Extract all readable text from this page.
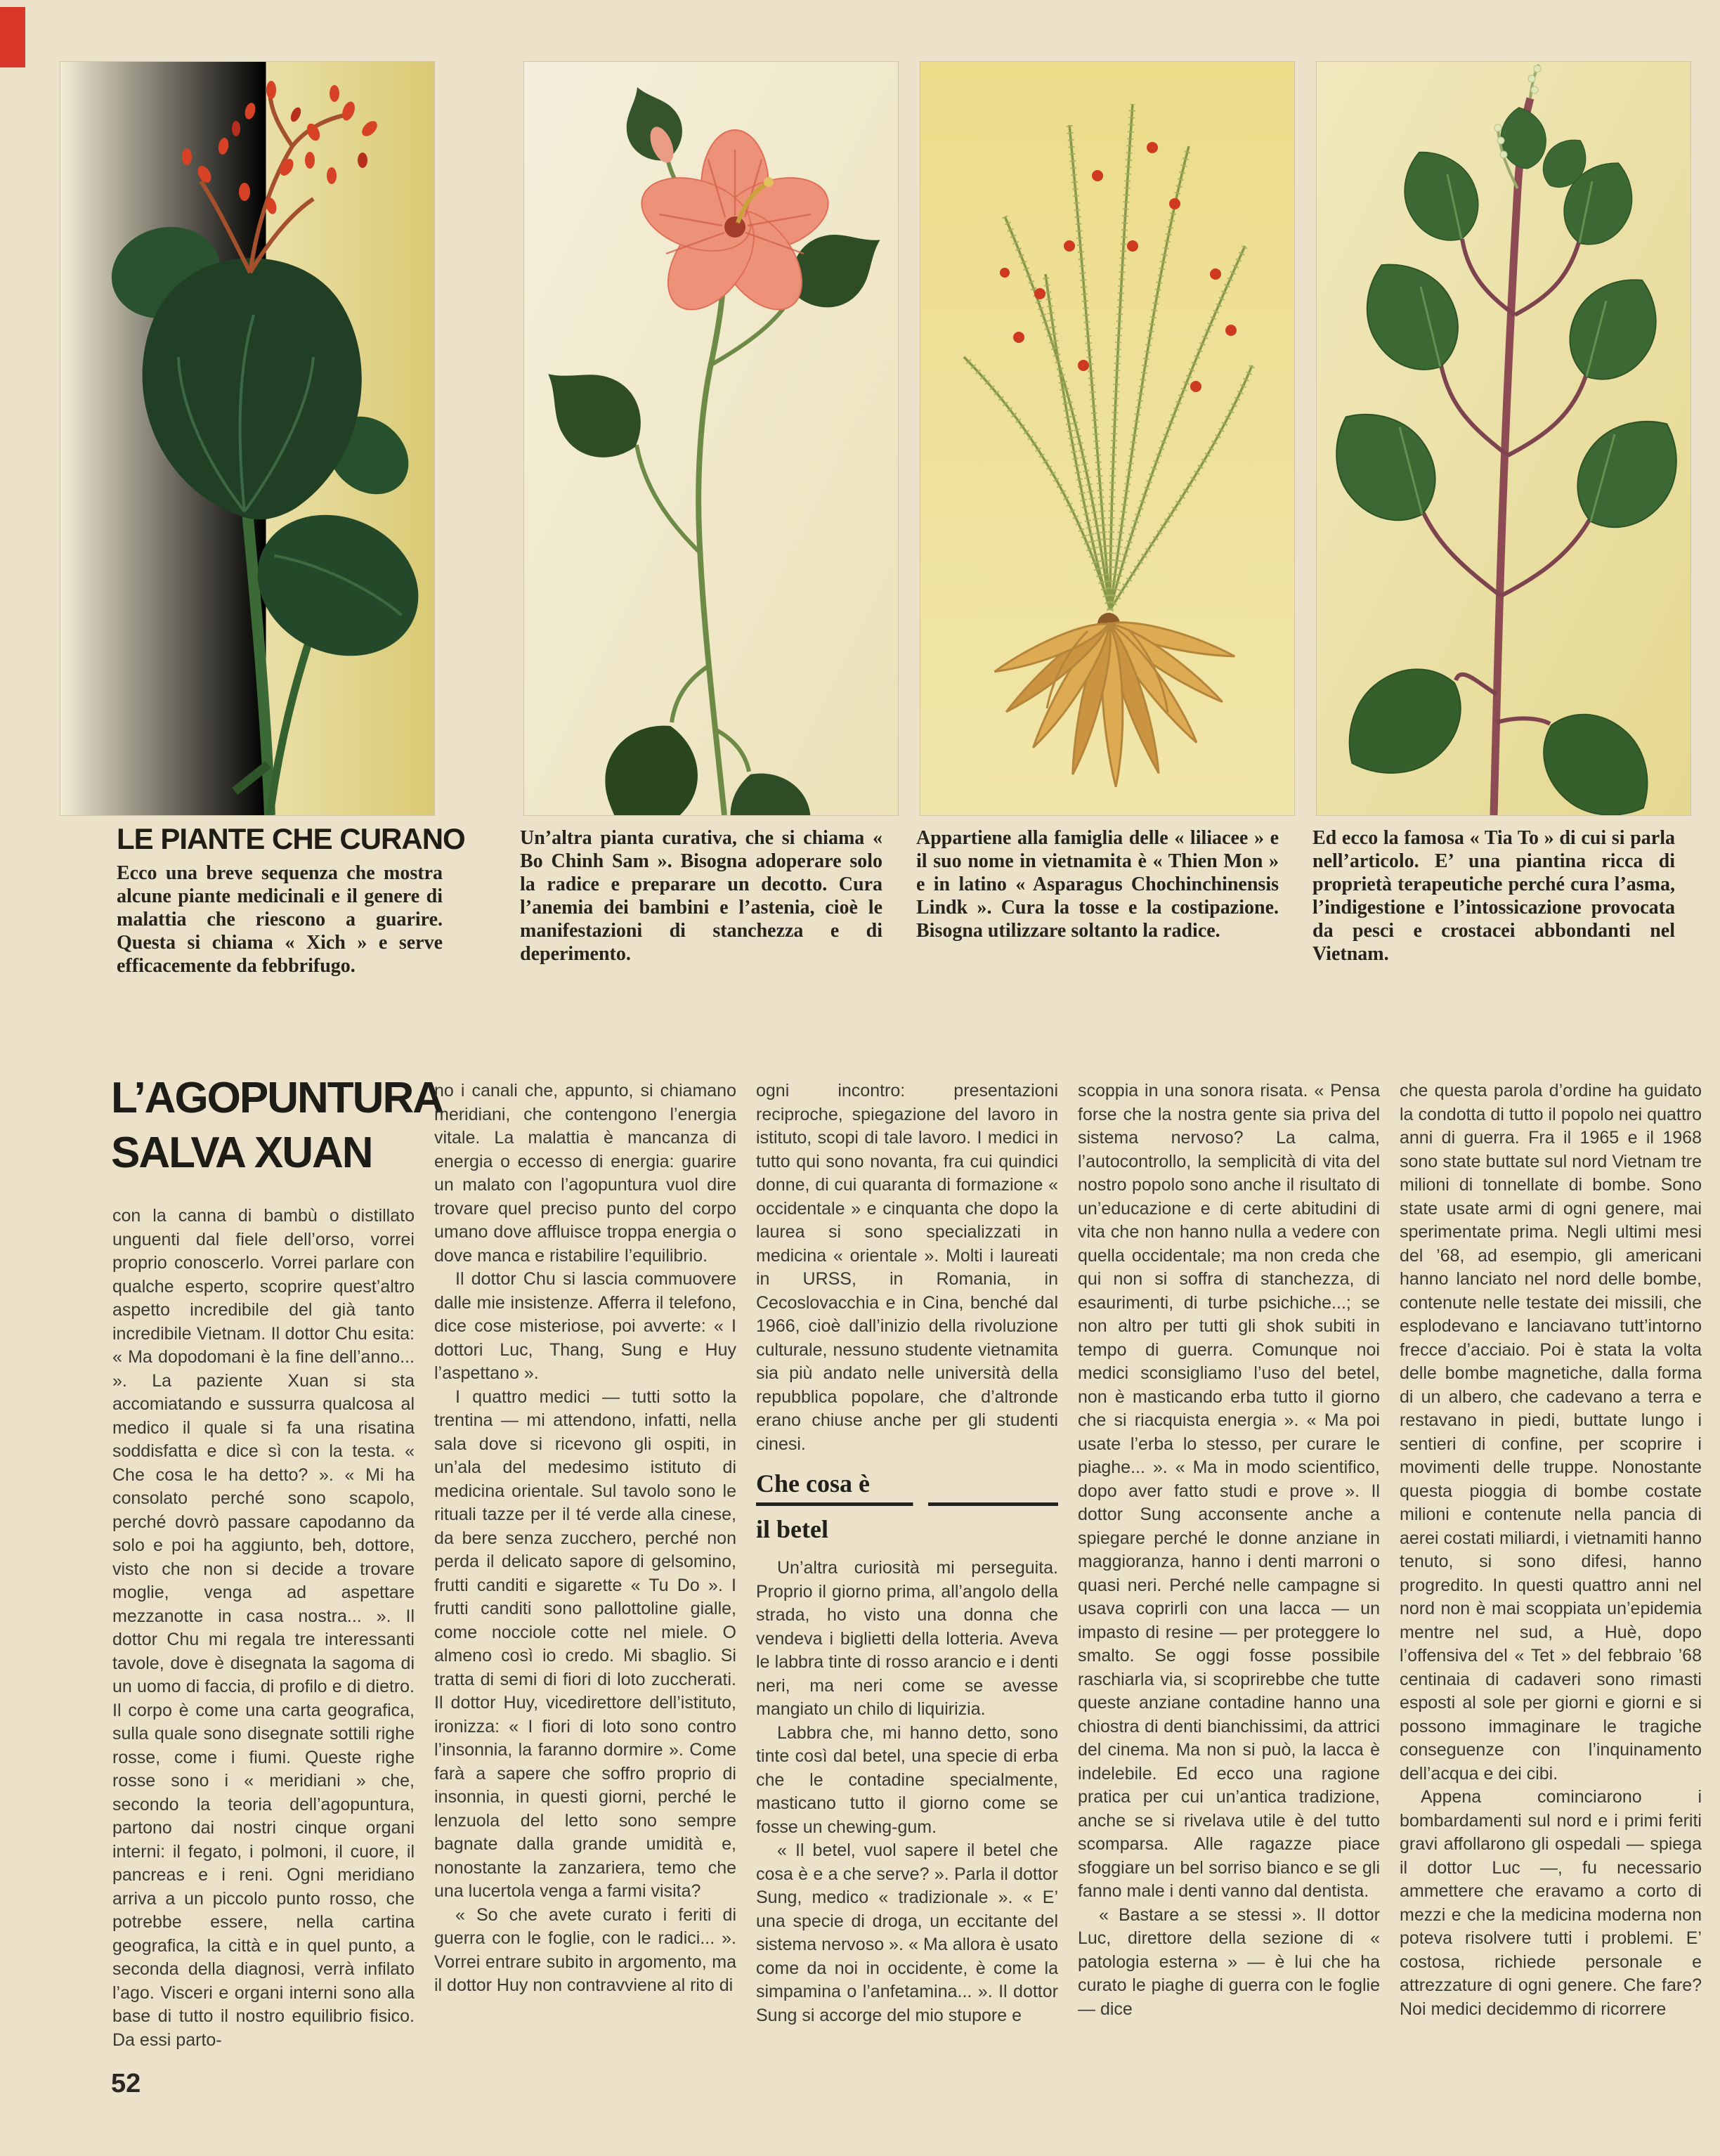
LE PIANTE CHE CURANO
Ecco una breve sequenza che mostra alcune piante medicinali e il genere di malattia che riescono a guarire. Questa si chiama « Xich » e serve efficacemente da febbrifugo.
Un’altra pianta curativa, che si chiama « Bo Chinh Sam ». Bisogna adoperare solo la radice e preparare un decotto. Cura l’anemia dei bambini e l’astenia, cioè le manifestazioni di stanchezza e di deperimento.
Appartiene alla famiglia delle « liliacee » e il suo nome in vietnamita è « Thien Mon » e in latino « Asparagus Chochinchinensis Lindk ». Cura la tosse e la costipazione. Bisogna utilizzare soltanto la radice.
Ed ecco la famosa « Tia To » di cui si parla nell’articolo. E’ una piantina ricca di proprietà terapeutiche perché cura l’asma, l’indigestione e l’intossicazione provocata da pesci e crostacei abbondanti nel Vietnam.
L’AGOPUNTURA
SALVA XUAN

con la canna di bambù o distillato unguenti dal fiele dell’orso, vorrei proprio conoscerlo. Vorrei parlare con qualche esperto, scoprire quest’altro aspetto incredibile del già tanto incredibile Vietnam. Il dottor Chu esita: « Ma dopodomani è la fine dell’anno... ». La paziente Xuan si sta accomiatando e sussurra qualcosa al medico il quale si fa una risatina soddisfatta e dice sì con la testa. « Che cosa le ha detto? ». « Mi ha consolato perché sono scapolo, perché dovrò passare capodanno da solo e poi ha aggiunto, beh, dottore, visto che non si decide a trovare moglie, venga ad aspettare mezzanotte in casa nostra... ». Il dottor Chu mi regala tre interessanti tavole, dove è disegnata la sagoma di un uomo di faccia, di profilo e di dietro. Il corpo è come una carta geografica, sulla quale sono disegnate sottili righe rosse, come i fiumi. Queste righe rosse sono i « meridiani » che, secondo la teoria dell’agopuntura, partono dai nostri cinque organi interni: il fegato, i polmoni, il cuore, il pancreas e i reni. Ogni meridiano arriva a un piccolo punto rosso, che potrebbe essere, nella cartina geografica, la città e in quel punto, a seconda della diagnosi, verrà infilato l’ago. Visceri e organi interni sono alla base di tutto il nostro equilibrio fisico. Da essi parto-

no i canali che, appunto, si chiamano meridiani, che contengono l’energia vitale. La malattia è mancanza di energia o eccesso di energia: guarire un malato con l’agopuntura vuol dire trovare quel preciso punto del corpo umano dove affluisce troppa energia o dove manca e ristabilire l’equilibrio.

Il dottor Chu si lascia commuovere dalle mie insistenze. Afferra il telefono, dice cose misteriose, poi avverte: « I dottori Luc, Thang, Sung e Huy l’aspettano ».

I quattro medici — tutti sotto la trentina — mi attendono, infatti, nella sala dove si ricevono gli ospiti, in un’ala del medesimo istituto di medicina orientale. Sul tavolo sono le rituali tazze per il té verde alla cinese, da bere senza zucchero, perché non perda il delicato sapore di gelsomino, frutti canditi e sigarette « Tu Do ». I frutti canditi sono pallottoline gialle, come nocciole cotte nel miele. O almeno così io credo. Mi sbaglio. Si tratta di semi di fiori di loto zuccherati. Il dottor Huy, vicedirettore dell’istituto, ironizza: « I fiori di loto sono contro l’insonnia, la faranno dormire ». Come farà a sapere che soffro proprio di insonnia, in questi giorni, perché le lenzuola del letto sono sempre bagnate dalla grande umidità e, nonostante la zanzariera, temo che una lucertola venga a farmi visita?

« So che avete curato i feriti di guerra con le foglie, con le radici... ». Vorrei entrare subito in argomento, ma il dottor Huy non contravviene al rito di

ogni incontro: presentazioni reciproche, spiegazione del lavoro in istituto, scopi di tale lavoro. I medici in tutto qui sono novanta, fra cui quindici donne, di cui quaranta di formazione « occidentale » e cinquanta che dopo la laurea si sono specializzati in medicina « orientale ». Molti i laureati in URSS, in Romania, in Cecoslovacchia e in Cina, benché dal 1966, cioè dall’inizio della rivoluzione culturale, nessuno studente vietnamita sia più andato nelle università della repubblica popolare, che d’altronde erano chiuse anche per gli studenti cinesi.

Che cosa è
il betel

Un’altra curiosità mi perseguita. Proprio il giorno prima, all’angolo della strada, ho visto una donna che vendeva i biglietti della lotteria. Aveva le labbra tinte di rosso arancio e i denti neri, ma neri come se avesse mangiato un chilo di liquirizia.

Labbra che, mi hanno detto, sono tinte così dal betel, una specie di erba che le contadine specialmente, masticano tutto il giorno come se fosse un chewing-gum.

« Il betel, vuol sapere il betel che cosa è e a che serve? ». Parla il dottor Sung, medico « tradizionale ». « E’ una specie di droga, un eccitante del sistema nervoso ». « Ma allora è usato come da noi in occidente, è come la simpamina o l’anfetamina... ». Il dottor Sung si accorge del mio stupore e

scoppia in una sonora risata. « Pensa forse che la nostra gente sia priva del sistema nervoso? La calma, l’autocontrollo, la semplicità di vita del nostro popolo sono anche il risultato di un’educazione e di certe abitudini di vita che non hanno nulla a vedere con quella occidentale; ma non creda che qui non si soffra di stanchezza, di esaurimenti, di turbe psichiche...; se non altro per tutti gli shok subiti in tempo di guerra. Comunque noi medici sconsigliamo l’uso del betel, non è masticando erba tutto il giorno che si riacquista energia ». « Ma poi usate l’erba lo stesso, per curare le piaghe... ». « Ma in modo scientifico, dopo aver fatto studi e prove ». Il dottor Sung acconsente anche a spiegare perché le donne anziane in maggioranza, hanno i denti marroni o quasi neri. Perché nelle campagne si usava coprirli con una lacca — un impasto di resine — per proteggere lo smalto. Se oggi fosse possibile raschiarla via, si scoprirebbe che tutte queste anziane contadine hanno una chiostra di denti bianchissimi, da attrici del cinema. Ma non si può, la lacca è indelebile. Ed ecco una ragione pratica per cui un’antica tradizione, anche se si rivelava utile è del tutto scomparsa. Alle ragazze piace sfoggiare un bel sorriso bianco e se gli fanno male i denti vanno dal dentista.

« Bastare a se stessi ». Il dottor Luc, direttore della sezione di « patologia esterna » — è lui che ha curato le piaghe di guerra con le foglie — dice

che questa parola d’ordine ha guidato la condotta di tutto il popolo nei quattro anni di guerra. Fra il 1965 e il 1968 sono state buttate sul nord Vietnam tre milioni di tonnellate di bombe. Sono state usate armi di ogni genere, mai sperimentate prima. Negli ultimi mesi del ’68, ad esempio, gli americani hanno lanciato nel nord delle bombe, contenute nelle testate dei missili, che esplodevano e lanciavano tutt’intorno frecce d’acciaio. Poi è stata la volta delle bombe magnetiche, dalla forma di un albero, che cadevano a terra e restavano in piedi, buttate lungo i sentieri di confine, per scoprire i movimenti delle truppe. Nonostante questa pioggia di bombe costate milioni e contenute nella pancia di aerei costati miliardi, i vietnamiti hanno tenuto, si sono difesi, hanno progredito. In questi quattro anni nel nord non è mai scoppiata un’epidemia mentre nel sud, a Huè, dopo l’offensiva del « Tet » del febbraio ’68 centinaia di cadaveri sono rimasti esposti al sole per giorni e giorni e si possono immaginare le tragiche conseguenze con l’inquinamento dell’acqua e dei cibi.

Appena cominciarono i bombardamenti sul nord e i primi feriti gravi affollarono gli ospedali — spiega il dottor Luc —, fu necessario ammettere che eravamo a corto di mezzi e che la medicina moderna non poteva risolvere tutti i problemi. E’ costosa, richiede personale e attrezzature di ogni genere. Che fare? Noi medici decidemmo di ricorrere

52
